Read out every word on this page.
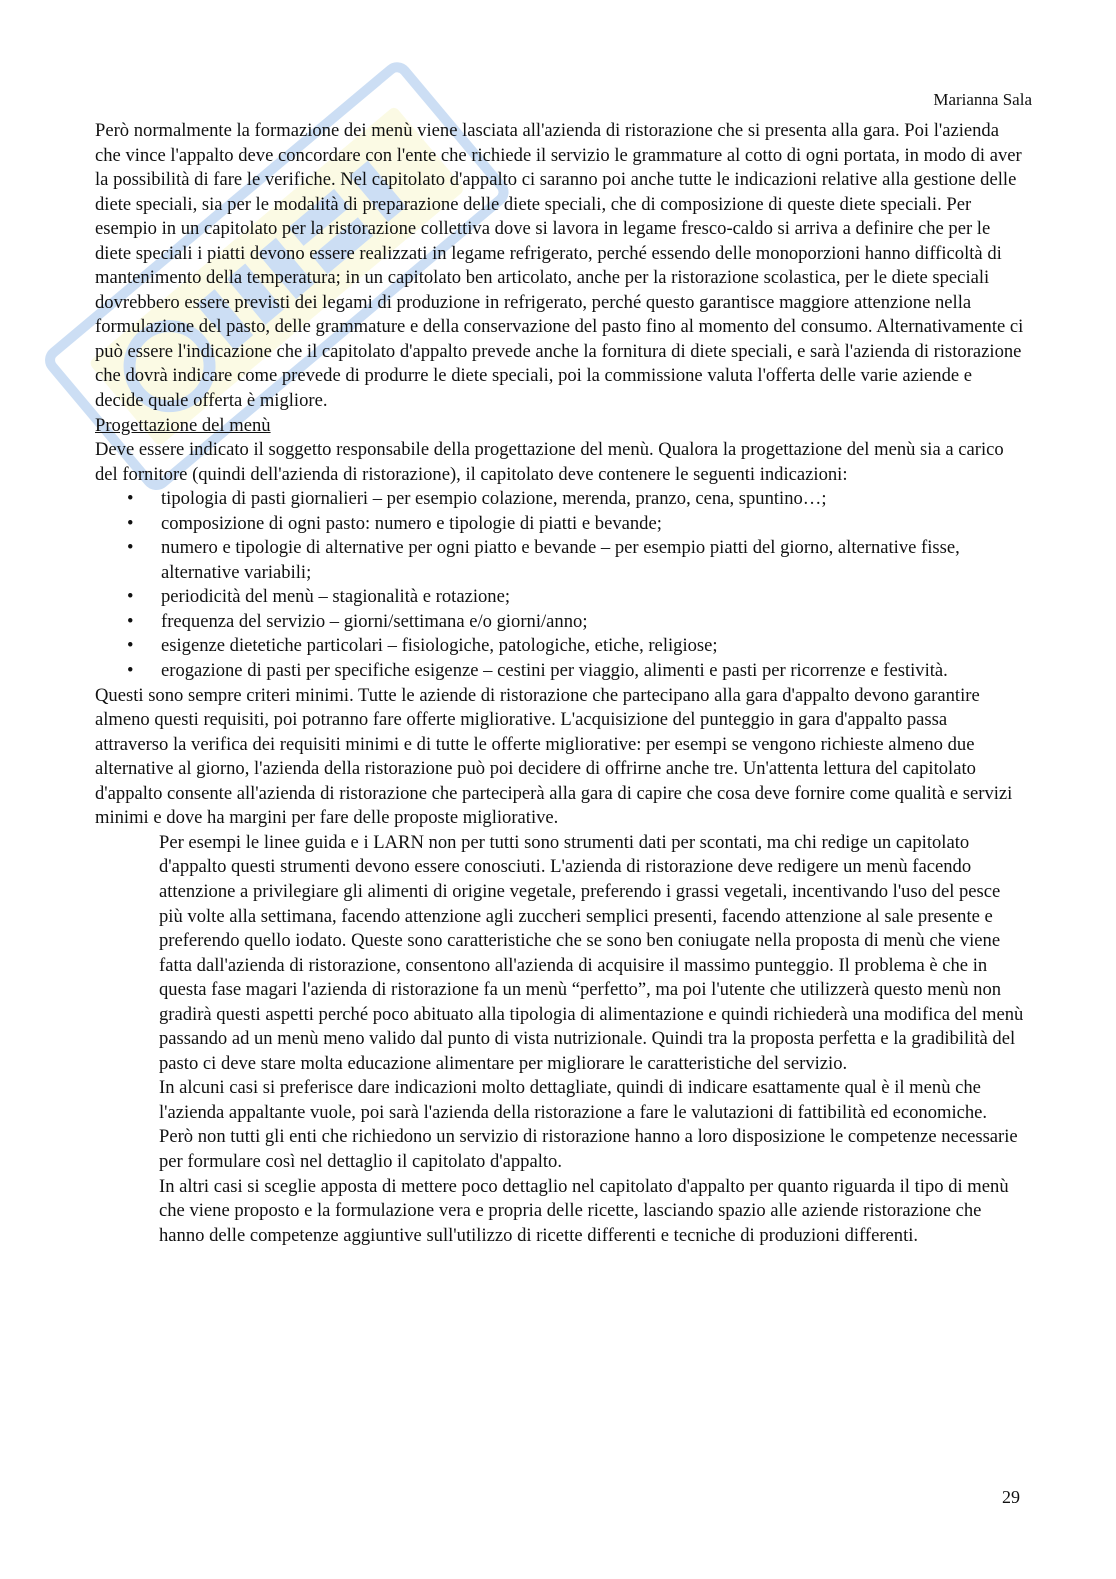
Marianna Sala

Però normalmente la formazione dei menù viene lasciata all'azienda di ristorazione che si presenta alla gara. Poi l'azienda che vince l'appalto deve concordare con l'ente che richiede il servizio le grammature al cotto di ogni portata, in modo di aver la possibilità di fare le verifiche. Nel capitolato d'appalto ci saranno poi anche tutte le indicazioni relative alla gestione delle diete speciali, sia per le modalità di preparazione delle diete speciali, che di composizione di queste diete speciali. Per esempio in un capitolato per la ristorazione collettiva dove si lavora in legame fresco-caldo si arriva a definire che per le diete speciali i piatti devono essere realizzati in legame refrigerato, perché essendo delle monoporzioni hanno difficoltà di mantenimento della temperatura; in un capitolato ben articolato, anche per la ristorazione scolastica, per le diete speciali dovrebbero essere previsti dei legami di produzione in refrigerato, perché questo garantisce maggiore attenzione nella formulazione del pasto, delle grammature e della conservazione del pasto fino al momento del consumo. Alternativamente ci può essere l'indicazione che il capitolato d'appalto prevede anche la fornitura di diete speciali, e sarà l'azienda di ristorazione che dovrà indicare come prevede di produrre le diete speciali, poi la commissione valuta l'offerta delle varie aziende e decide quale offerta è migliore.

Progettazione del menù

Deve essere indicato il soggetto responsabile della progettazione del menù. Qualora la progettazione del menù sia a carico del fornitore (quindi dell'azienda di ristorazione), il capitolato deve contenere le seguenti indicazioni:

• tipologia di pasti giornalieri – per esempio colazione, merenda, pranzo, cena, spuntino…;
• composizione di ogni pasto: numero e tipologie di piatti e bevande;
• numero e tipologie di alternative per ogni piatto e bevande – per esempio piatti del giorno, alternative fisse, alternative variabili;
• periodicità del menù – stagionalità e rotazione;
• frequenza del servizio – giorni/settimana e/o giorni/anno;
• esigenze dietetiche particolari – fisiologiche, patologiche, etiche, religiose;
• erogazione di pasti per specifiche esigenze – cestini per viaggio, alimenti e pasti per ricorrenze e festività.

Questi sono sempre criteri minimi. Tutte le aziende di ristorazione che partecipano alla gara d'appalto devono garantire almeno questi requisiti, poi potranno fare offerte migliorative. L'acquisizione del punteggio in gara d'appalto passa attraverso la verifica dei requisiti minimi e di tutte le offerte migliorative: per esempi se vengono richieste almeno due alternative al giorno, l'azienda della ristorazione può poi decidere di offrirne anche tre. Un'attenta lettura del capitolato d'appalto consente all'azienda di ristorazione che parteciperà alla gara di capire che cosa deve fornire come qualità e servizi minimi e dove ha margini per fare delle proposte migliorative.

Per esempi le linee guida e i LARN non per tutti sono strumenti dati per scontati, ma chi redige un capitolato d'appalto questi strumenti devono essere conosciuti. L'azienda di ristorazione deve redigere un menù facendo attenzione a privilegiare gli alimenti di origine vegetale, preferendo i grassi vegetali, incentivando l'uso del pesce più volte alla settimana, facendo attenzione agli zuccheri semplici presenti, facendo attenzione al sale presente e preferendo quello iodato. Queste sono caratteristiche che se sono ben coniugate nella proposta di menù che viene fatta dall'azienda di ristorazione, consentono all'azienda di acquisire il massimo punteggio. Il problema è che in questa fase magari l'azienda di ristorazione fa un menù “perfetto”, ma poi l'utente che utilizzerà questo menù non gradirà questi aspetti perché poco abituato alla tipologia di alimentazione e quindi richiederà una modifica del menù passando ad un menù meno valido dal punto di vista nutrizionale. Quindi tra la proposta perfetta e la gradibilità del pasto ci deve stare molta educazione alimentare per migliorare le caratteristiche del servizio.

In alcuni casi si preferisce dare indicazioni molto dettagliate, quindi di indicare esattamente qual è il menù che l'azienda appaltante vuole, poi sarà l'azienda della ristorazione a fare le valutazioni di fattibilità ed economiche. Però non tutti gli enti che richiedono un servizio di ristorazione hanno a loro disposizione le competenze necessarie per formulare così nel dettaglio il capitolato d'appalto.

In altri casi si sceglie apposta di mettere poco dettaglio nel capitolato d'appalto per quanto riguarda il tipo di menù che viene proposto e la formulazione vera e propria delle ricette, lasciando spazio alle aziende ristorazione che hanno delle competenze aggiuntive sull'utilizzo di ricette differenti e tecniche di produzioni differenti.

29
